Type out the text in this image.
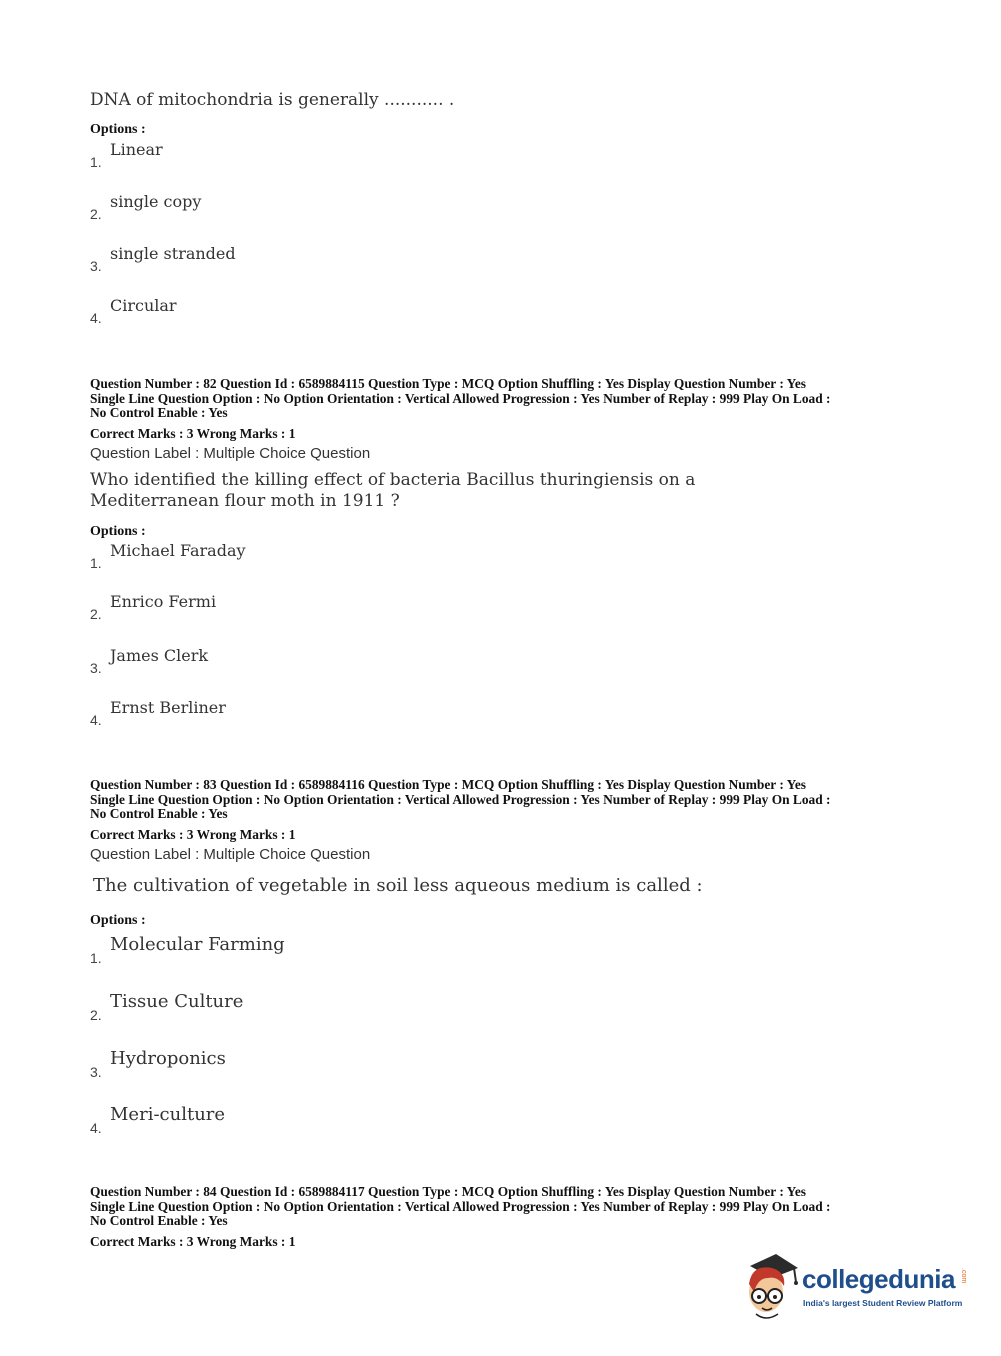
DNA of mitochondria is generally ........... .
Options :
1.
Linear
2.
single copy
3.
single stranded
4.
Circular
Question Number : 82 Question Id : 6589884115 Question Type : MCQ Option Shuffling : Yes Display Question Number : Yes
Single Line Question Option : No Option Orientation : Vertical Allowed Progression : Yes Number of Replay : 999 Play On Load :
No Control Enable : Yes
Correct Marks : 3 Wrong Marks : 1
Question Label : Multiple Choice Question
Who identified the killing effect of bacteria Bacillus thuringiensis on a
Mediterranean flour moth in 1911 ?
Options :
1.
Michael Faraday
2.
Enrico Fermi
3.
James Clerk
4.
Ernst Berliner
Question Number : 83 Question Id : 6589884116 Question Type : MCQ Option Shuffling : Yes Display Question Number : Yes
Single Line Question Option : No Option Orientation : Vertical Allowed Progression : Yes Number of Replay : 999 Play On Load :
No Control Enable : Yes
Correct Marks : 3 Wrong Marks : 1
Question Label : Multiple Choice Question
The cultivation of vegetable in soil less aqueous medium is called :
Options :
1.
Molecular Farming
2.
Tissue Culture
3.
Hydroponics
4.
Meri-culture
Question Number : 84 Question Id : 6589884117 Question Type : MCQ Option Shuffling : Yes Display Question Number : Yes
Single Line Question Option : No Option Orientation : Vertical Allowed Progression : Yes Number of Replay : 999 Play On Load :
No Control Enable : Yes
Correct Marks : 3 Wrong Marks : 1
collegedunia .com
India's largest Student Review Platform
